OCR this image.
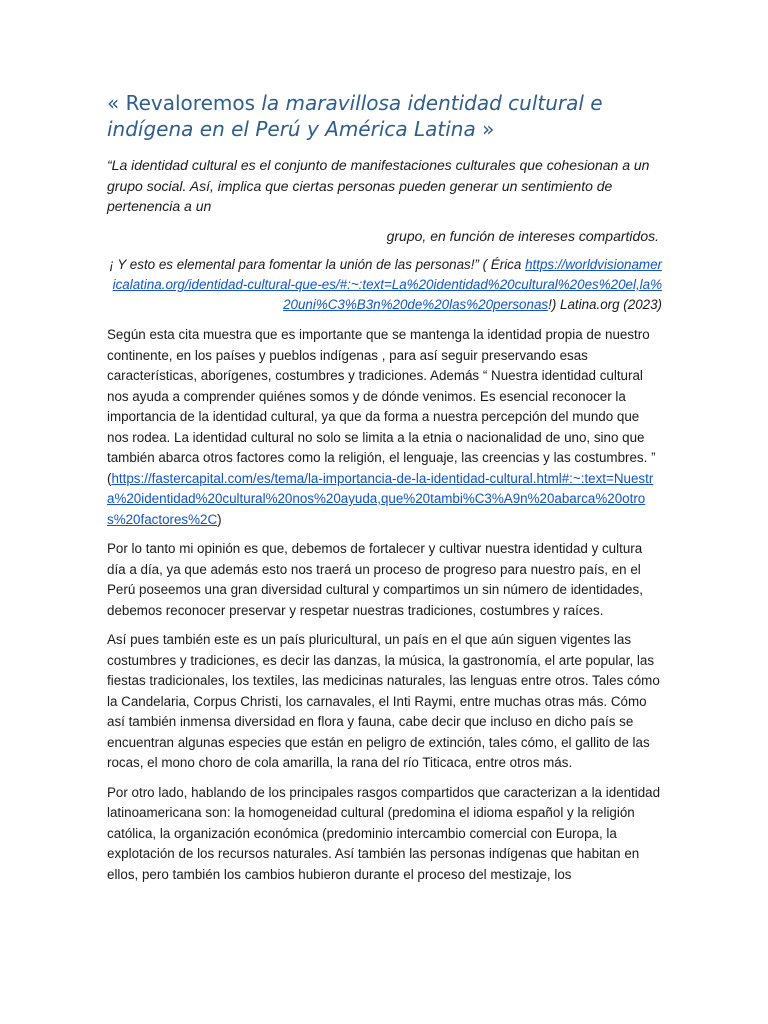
« Revaloremos la maravillosa identidad cultural e indígena en el Perú y América Latina »

“La identidad cultural es el conjunto de manifestaciones culturales que cohesionan a un grupo social. Así, implica que ciertas personas pueden generar un sentimiento de pertenencia a un

grupo, en función de intereses compartidos.

¡ Y esto es elemental para fomentar la unión de las personas!” ( Érica https://worldvisionamericalatina.org/identidad-cultural-que-es/#:~:text=La%20identidad%20cultural%20es%20el,la%20uni%C3%B3n%20de%20las%20personas!) Latina.org (2023)

Según esta cita muestra que es importante que se mantenga la identidad propia de nuestro continente, en los países y pueblos indígenas , para así seguir preservando esas características, aborígenes, costumbres y tradiciones. Además “ Nuestra identidad cultural nos ayuda a comprender quiénes somos y de dónde venimos. Es esencial reconocer la importancia de la identidad cultural, ya que da forma a nuestra percepción del mundo que nos rodea. La identidad cultural no solo se limita a la etnia o nacionalidad de uno, sino que también abarca otros factores como la religión, el lenguaje, las creencias y las costumbres. ” (https://fastercapital.com/es/tema/la-importancia-de-la-identidad-cultural.html#:~:text=Nuestra%20identidad%20cultural%20nos%20ayuda,que%20tambi%C3%A9n%20abarca%20otros%20factores%2C)

Por lo tanto mi opinión es que, debemos de fortalecer y cultivar nuestra identidad y cultura día a día, ya que además esto nos traerá un proceso de progreso para nuestro país, en el Perú poseemos una gran diversidad cultural y compartimos un sin número de identidades, debemos reconocer preservar y respetar nuestras tradiciones, costumbres y raíces.

Así pues también este es un país pluricultural, un país en el que aún siguen vigentes las costumbres y tradiciones, es decir las danzas, la música, la gastronomía, el arte popular, las fiestas tradicionales, los textiles, las medicinas naturales, las lenguas entre otros. Tales cómo la Candelaria, Corpus Christi, los carnavales, el Inti Raymi, entre muchas otras más. Cómo así también inmensa diversidad en flora y fauna, cabe decir que incluso en dicho país se encuentran algunas especies que están en peligro de extinción, tales cómo, el gallito de las rocas, el mono choro de cola amarilla, la rana del río Titicaca, entre otros más.

Por otro lado, hablando de los principales rasgos compartidos que caracterizan a la identidad latinoamericana son: la homogeneidad cultural (predomina el idioma español y la religión católica, la organización económica (predominio intercambio comercial con Europa, la explotación de los recursos naturales. Así también las personas indígenas que habitan en ellos, pero también los cambios hubieron durante el proceso del mestizaje, los
